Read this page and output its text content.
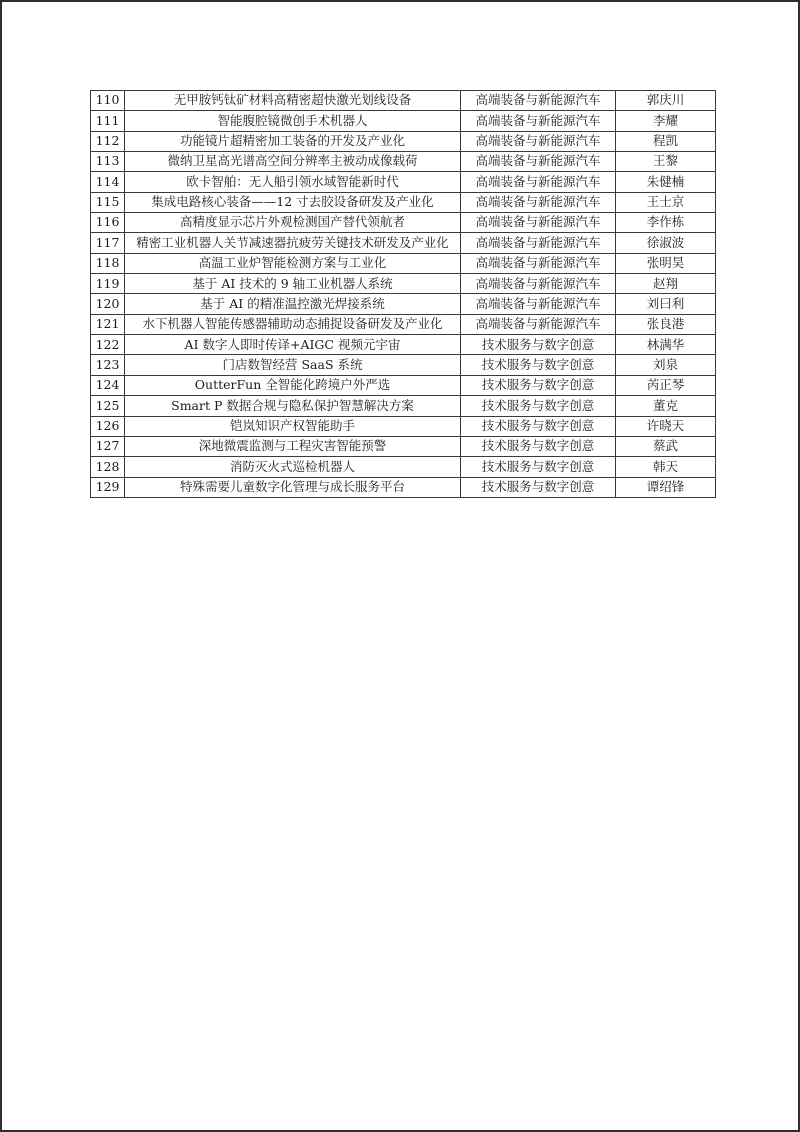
110	无甲胺钙钛矿材料高精密超快激光划线设备	高端装备与新能源汽车	郭庆川
111	智能腹腔镜微创手术机器人	高端装备与新能源汽车	李耀
112	功能镜片超精密加工装备的开发及产业化	高端装备与新能源汽车	程凯
113	微纳卫星高光谱高空间分辨率主被动成像载荷	高端装备与新能源汽车	王黎
114	欧卡智舶：无人船引领水域智能新时代	高端装备与新能源汽车	朱健楠
115	集成电路核心装备——12 寸去胶设备研发及产业化	高端装备与新能源汽车	王士京
116	高精度显示芯片外观检测国产替代领航者	高端装备与新能源汽车	李作栋
117	精密工业机器人关节减速器抗疲劳关键技术研发及产业化	高端装备与新能源汽车	徐淑波
118	高温工业炉智能检测方案与工业化	高端装备与新能源汽车	张明昊
119	基于 AI 技术的 9 轴工业机器人系统	高端装备与新能源汽车	赵翔
120	基于 AI 的精准温控激光焊接系统	高端装备与新能源汽车	刘曰利
121	水下机器人智能传感器辅助动态捕捉设备研发及产业化	高端装备与新能源汽车	张良港
122	AI 数字人即时传译+AIGC 视频元宇宙	技术服务与数字创意	林满华
123	门店数智经营 SaaS 系统	技术服务与数字创意	刘泉
124	OutterFun 全智能化跨境户外严选	技术服务与数字创意	芮正琴
125	Smart P 数据合规与隐私保护智慧解决方案	技术服务与数字创意	董克
126	铠岚知识产权智能助手	技术服务与数字创意	许晓天
127	深地微震监测与工程灾害智能预警	技术服务与数字创意	蔡武
128	消防灭火式巡检机器人	技术服务与数字创意	韩天
129	特殊需要儿童数字化管理与成长服务平台	技术服务与数字创意	谭绍锋
